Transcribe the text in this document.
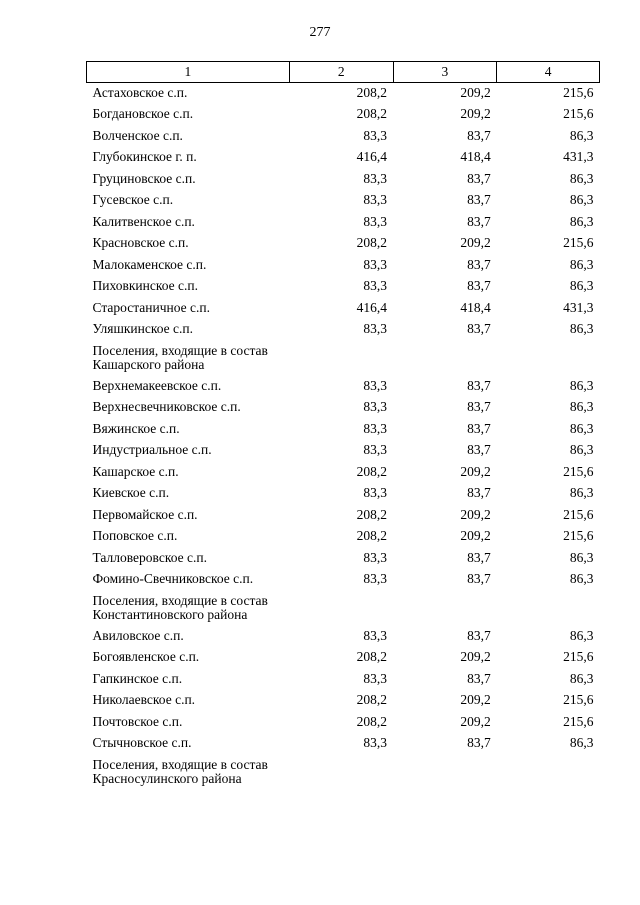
277
1	2	3	4
Астаховское с.п.	208,2	209,2	215,6
Богдановское с.п.	208,2	209,2	215,6
Волченское с.п.	83,3	83,7	86,3
Глубокинское г. п.	416,4	418,4	431,3
Груциновское с.п.	83,3	83,7	86,3
Гусевское с.п.	83,3	83,7	86,3
Калитвенское с.п.	83,3	83,7	86,3
Красновское с.п.	208,2	209,2	215,6
Малокаменское с.п.	83,3	83,7	86,3
Пиховкинское с.п.	83,3	83,7	86,3
Старостаничное с.п.	416,4	418,4	431,3
Уляшкинское с.п.	83,3	83,7	86,3
Поселения, входящие в состав Кашарского района			
Верхнемакеевское с.п.	83,3	83,7	86,3
Верхнесвечниковское с.п.	83,3	83,7	86,3
Вяжинское с.п.	83,3	83,7	86,3
Индустриальное с.п.	83,3	83,7	86,3
Кашарское с.п.	208,2	209,2	215,6
Киевское с.п.	83,3	83,7	86,3
Первомайское с.п.	208,2	209,2	215,6
Поповское с.п.	208,2	209,2	215,6
Талловеровское с.п.	83,3	83,7	86,3
Фомино-Свечниковское с.п.	83,3	83,7	86,3
Поселения, входящие в состав Константиновского района			
Авиловское с.п.	83,3	83,7	86,3
Богоявленское с.п.	208,2	209,2	215,6
Гапкинское с.п.	83,3	83,7	86,3
Николаевское с.п.	208,2	209,2	215,6
Почтовское с.п.	208,2	209,2	215,6
Стычновское с.п.	83,3	83,7	86,3
Поселения, входящие в состав Красносулинского района			
